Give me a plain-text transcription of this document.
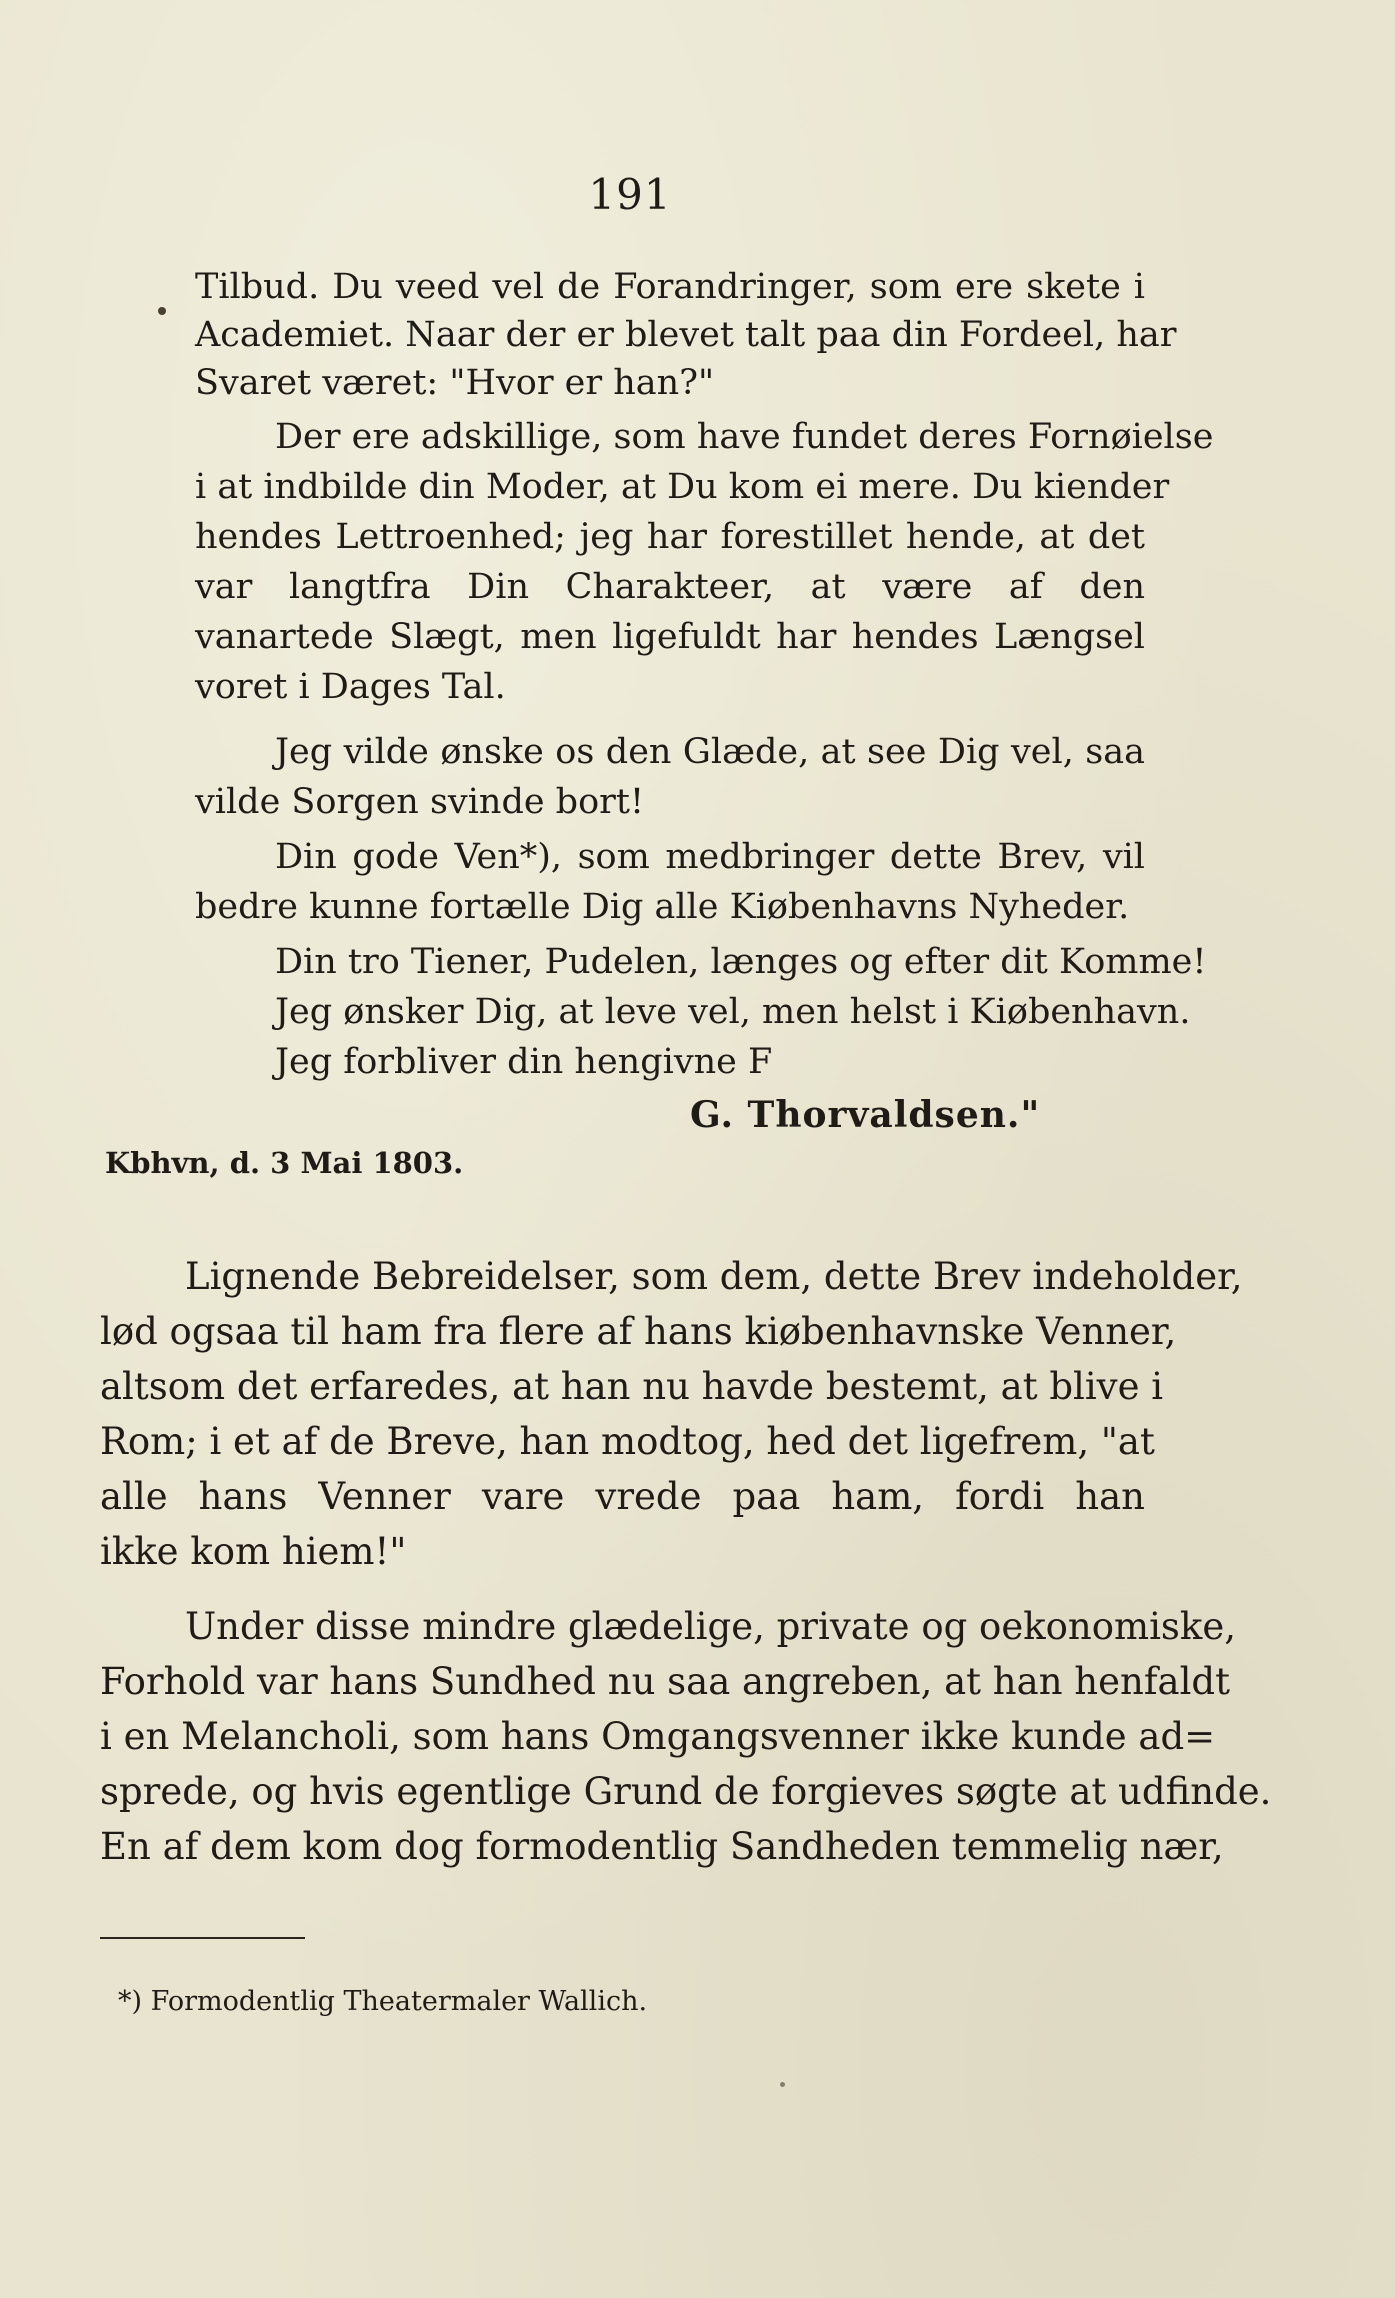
191
Tilbud. Du veed vel de Forandringer, som ere skete i
Academiet. Naar der er blevet talt paa din Fordeel, har
Svaret været: "Hvor er han?"
Der ere adskillige, som have fundet deres Fornøielse
i at indbilde din Moder, at Du kom ei mere. Du kiender
hendes Lettroenhed; jeg har forestillet hende, at det
var langtfra Din Charakteer, at være af den
vanartede Slægt, men ligefuldt har hendes Længsel
voret i Dages Tal.
Jeg vilde ønske os den Glæde, at see Dig vel, saa
vilde Sorgen svinde bort!
Din gode Ven*), som medbringer dette Brev, vil
bedre kunne fortælle Dig alle Kiøbenhavns Nyheder.
Din tro Tiener, Pudelen, længes og efter dit Komme!
Jeg ønsker Dig, at leve vel, men helst i Kiøbenhavn.
Jeg forbliver din hengivne F
G. Thorvaldsen."
Kbhvn, d. 3 Mai 1803.
Lignende Bebreidelser, som dem, dette Brev indeholder,
lød ogsaa til ham fra flere af hans kiøbenhavnske Venner,
altsom det erfaredes, at han nu havde bestemt, at blive i
Rom; i et af de Breve, han modtog, hed det ligefrem, "at
alle hans Venner vare vrede paa ham, fordi han
ikke kom hiem!"
Under disse mindre glædelige, private og oekonomiske,
Forhold var hans Sundhed nu saa angreben, at han henfaldt
i en Melancholi, som hans Omgangsvenner ikke kunde ad=
sprede, og hvis egentlige Grund de forgieves søgte at udfinde.
En af dem kom dog formodentlig Sandheden temmelig nær,
*) Formodentlig Theatermaler Wallich.
